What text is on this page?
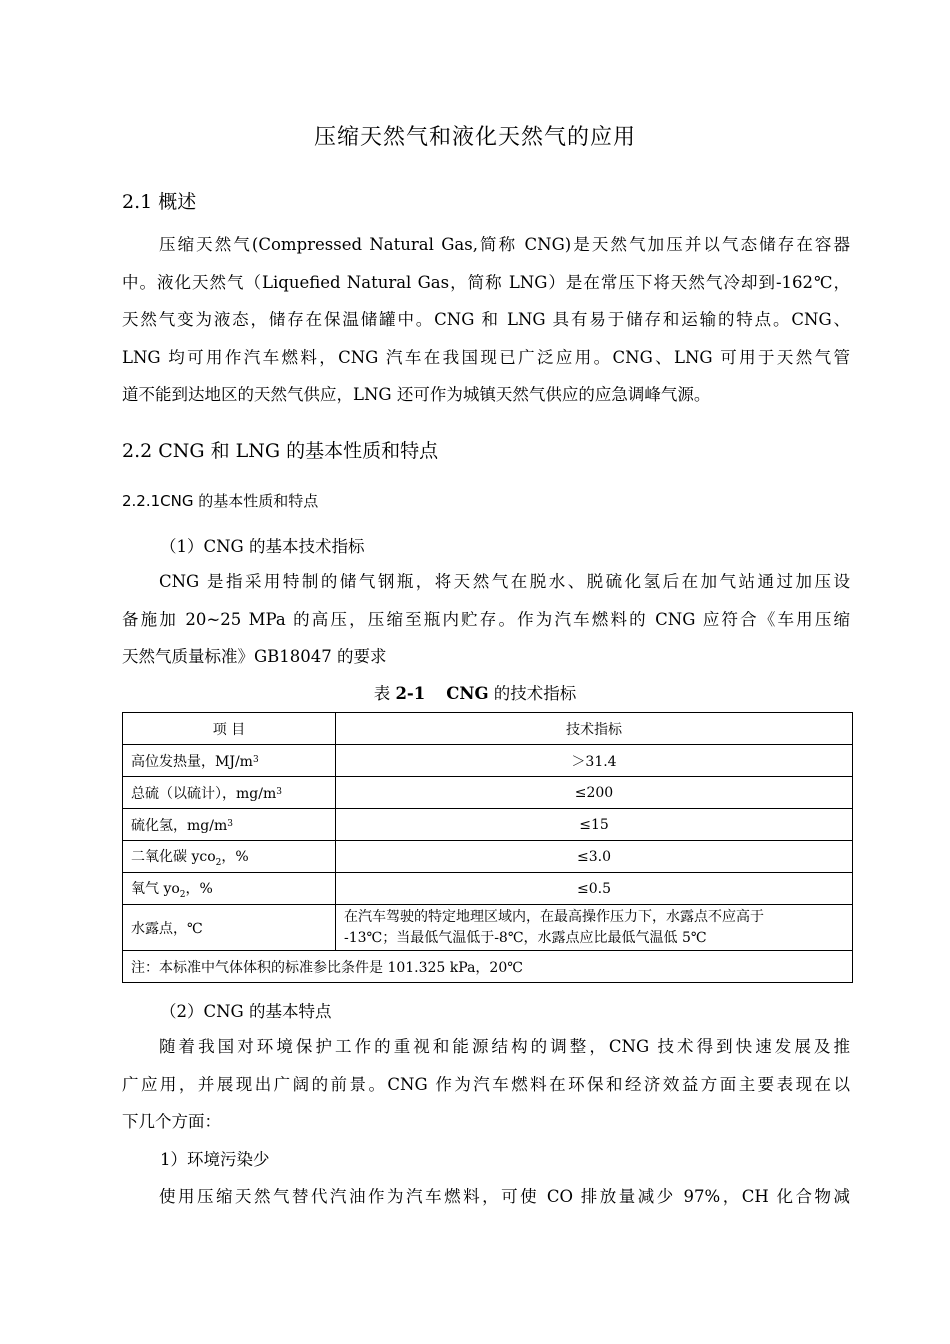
压缩天然气和液化天然气的应用
2.1 概述
压缩天然气(Compressed Natural Gas,简称 CNG)是天然气加压并以气态储存在容器
中。液化天然气（Liquefied Natural Gas，简称 LNG）是在常压下将天然气冷却到-162℃，
天然气变为液态，储存在保温储罐中。CNG 和 LNG 具有易于储存和运输的特点。CNG、
LNG 均可用作汽车燃料，CNG 汽车在我国现已广泛应用。CNG、LNG 可用于天然气管
道不能到达地区的天然气供应，LNG 还可作为城镇天然气供应的应急调峰气源。
2.2 CNG 和 LNG 的基本性质和特点
2.2.1CNG 的基本性质和特点
（1）CNG 的基本技术指标
CNG 是指采用特制的储气钢瓶，将天然气在脱水、脱硫化氢后在加气站通过加压设
备施加 20~25 MPa 的高压，压缩至瓶内贮存。作为汽车燃料的 CNG 应符合《车用压缩
天然气质量标准》GB18047 的要求
表 2-1 CNG 的技术指标
项 目	技术指标
高位发热量，$MJ/m^3$	＞31.4
总硫（以硫计），$mg/m^3$	≤200
硫化氢，$mg/m^3$	≤15
二氧化碳 yco$_2$，%	≤3.0
氧气 $yo_2$，%	≤0.5
水露点，℃	在汽车驾驶的特定地理区域内，在最高操作压力下，水露点不应高于
-13℃；当最低气温低于-8℃，水露点应比最低气温低 5℃

注：本标准中气体体积的标准参比条件是 101.325 kPa，20℃	
（2）CNG 的基本特点
随着我国对环境保护工作的重视和能源结构的调整，CNG 技术得到快速发展及推
广应用，并展现出广阔的前景。CNG 作为汽车燃料在环保和经济效益方面主要表现在以
下几个方面：
1）环境污染少
使用压缩天然气替代汽油作为汽车燃料，可使 CO 排放量减少 97%，CH 化合物减
